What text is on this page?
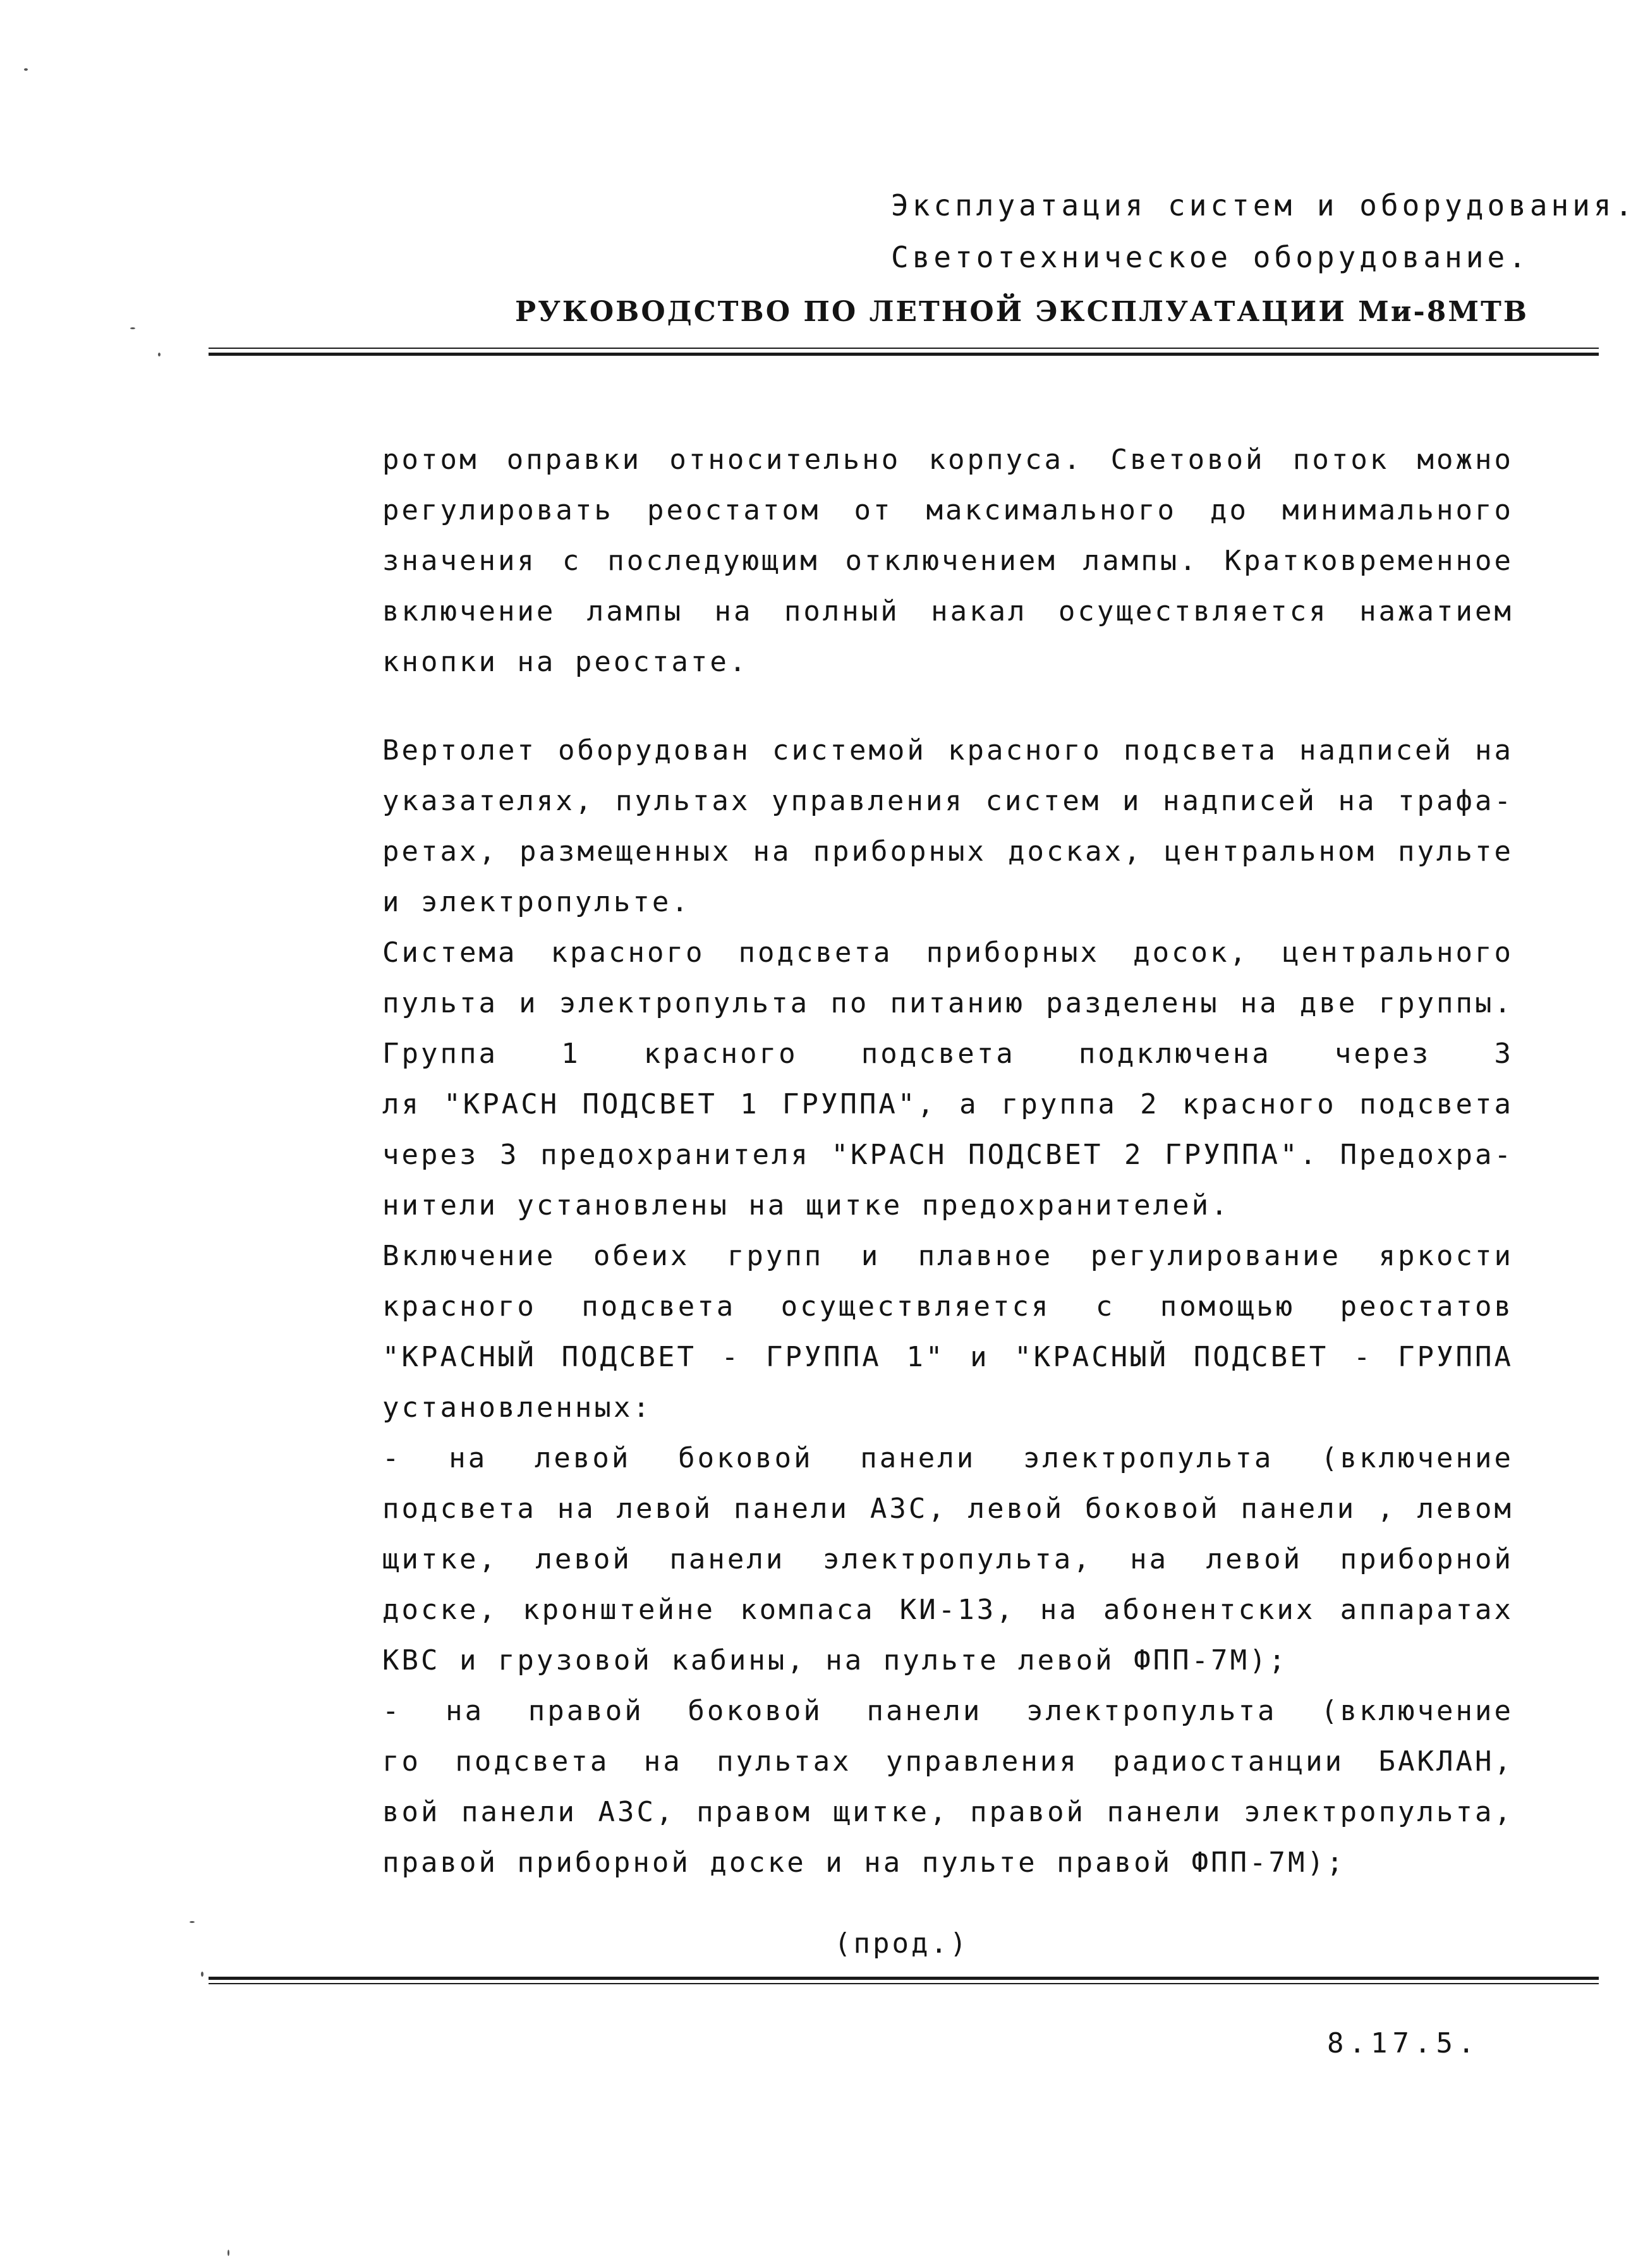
Эксплуатация систем и оборудования.
Светотехническое оборудование.
РУКОВОДСТВО ПО ЛЕТНОЙ ЭКСПЛУАТАЦИИ Ми-8МТВ
ротом оправки относительно корпуса. Световой поток можно
регулировать реостатом от максимального до минимального
значения с последующим отключением лампы. Кратковременное
включение лампы на полный накал осуществляется нажатием
кнопки на реостате.
Вертолет оборудован системой красного подсвета надписей на
указателях, пультах управления систем и надписей на трафа-
ретах, размещенных на приборных досках, центральном пульте
и электропульте.
Система красного подсвета приборных досок, центрального
пульта и электропульта по питанию разделены на две группы.
Группа 1 красного подсвета подключена через 3
ля "КРАСН ПОДСВЕТ 1 ГРУППА", а группа 2 красного подсвета
через 3 предохранителя "КРАСН ПОДСВЕТ 2 ГРУППА". Предохра-
нители установлены на щитке предохранителей.
Включение обеих групп и плавное регулирование яркости
красного подсвета осуществляется с помощью реостатов
"КРАСНЫЙ ПОДСВЕТ - ГРУППА 1" и "КРАСНЫЙ ПОДСВЕТ - ГРУППА
установленных:
- на левой боковой панели электропульта (включение
подсвета на левой панели АЗС, левой боковой панели , левом
щитке, левой панели электропульта, на левой приборной
доске, кронштейне компаса КИ-13, на абонентских аппаратах
КВС и грузовой кабины, на пульте левой ФПП-7М);
- на правой боковой панели электропульта (включение
го подсвета на пультах управления радиостанции БАКЛАН,
вой панели АЗС, правом щитке, правой панели электропульта,
правой приборной доске и на пульте правой ФПП-7М);
(прод.)
8.17.5.
